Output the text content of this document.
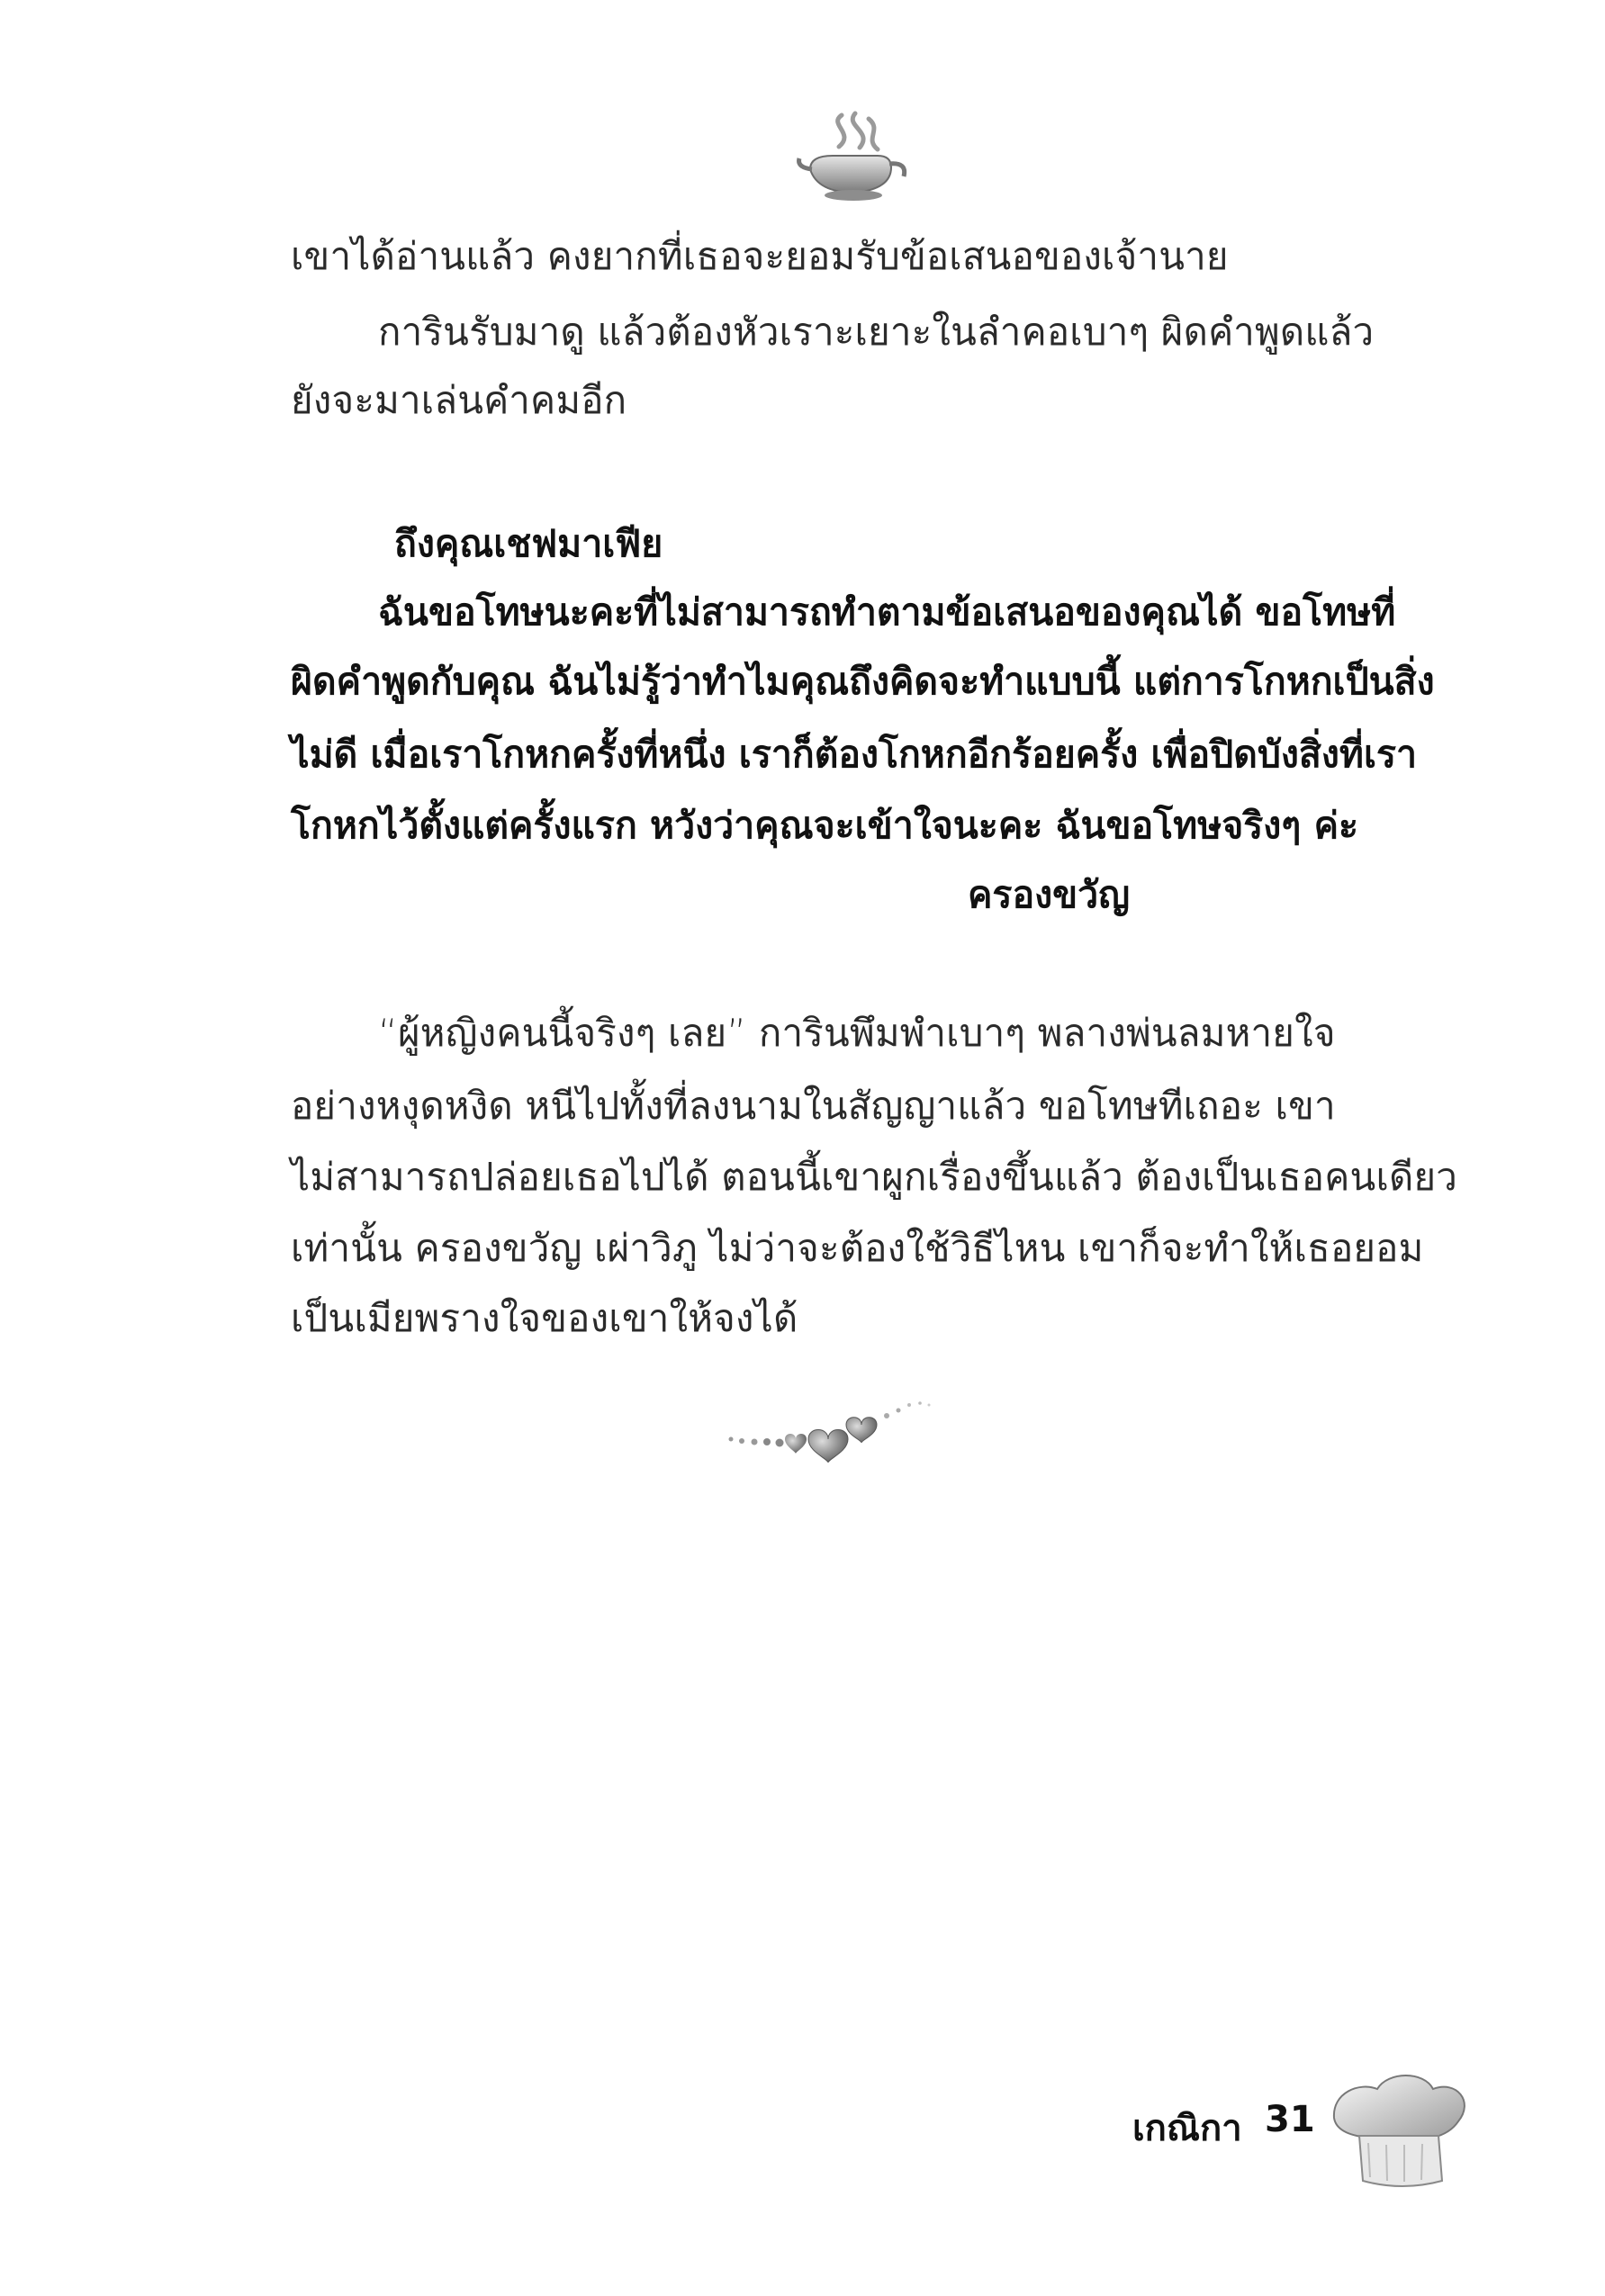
เขาได้อ่านแล้ว คงยากที่เธอจะยอมรับข้อเสนอของเจ้านาย

การินรับมาดู แล้วต้องหัวเราะเยาะในลำคอเบาๆ ผิดคำพูดแล้ว

ยังจะมาเล่นคำคมอีก

ถึงคุณเชฟมาเฟีย

ฉันขอโทษนะคะที่ไม่สามารถทำตามข้อเสนอของคุณได้ ขอโทษที่

ผิดคำพูดกับคุณ ฉันไม่รู้ว่าทำไมคุณถึงคิดจะทำแบบนี้ แต่การโกหกเป็นสิ่ง

ไม่ดี เมื่อเราโกหกครั้งที่หนึ่ง เราก็ต้องโกหกอีกร้อยครั้ง เพื่อปิดบังสิ่งที่เรา

โกหกไว้ตั้งแต่ครั้งแรก หวังว่าคุณจะเข้าใจนะคะ ฉันขอโทษจริงๆ ค่ะ

ครองขวัญ

“ผู้หญิงคนนี้จริงๆ เลย” การินพึมพำเบาๆ พลางพ่นลมหายใจ

อย่างหงุดหงิด หนีไปทั้งที่ลงนามในสัญญาแล้ว ขอโทษทีเถอะ เขา

ไม่สามารถปล่อยเธอไปได้ ตอนนี้เขาผูกเรื่องขึ้นแล้ว ต้องเป็นเธอคนเดียว

เท่านั้น ครองขวัญ เผ่าวิภู ไม่ว่าจะต้องใช้วิธีไหน เขาก็จะทำให้เธอยอม

เป็นเมียพรางใจของเขาให้จงได้

เกณิกา 31
